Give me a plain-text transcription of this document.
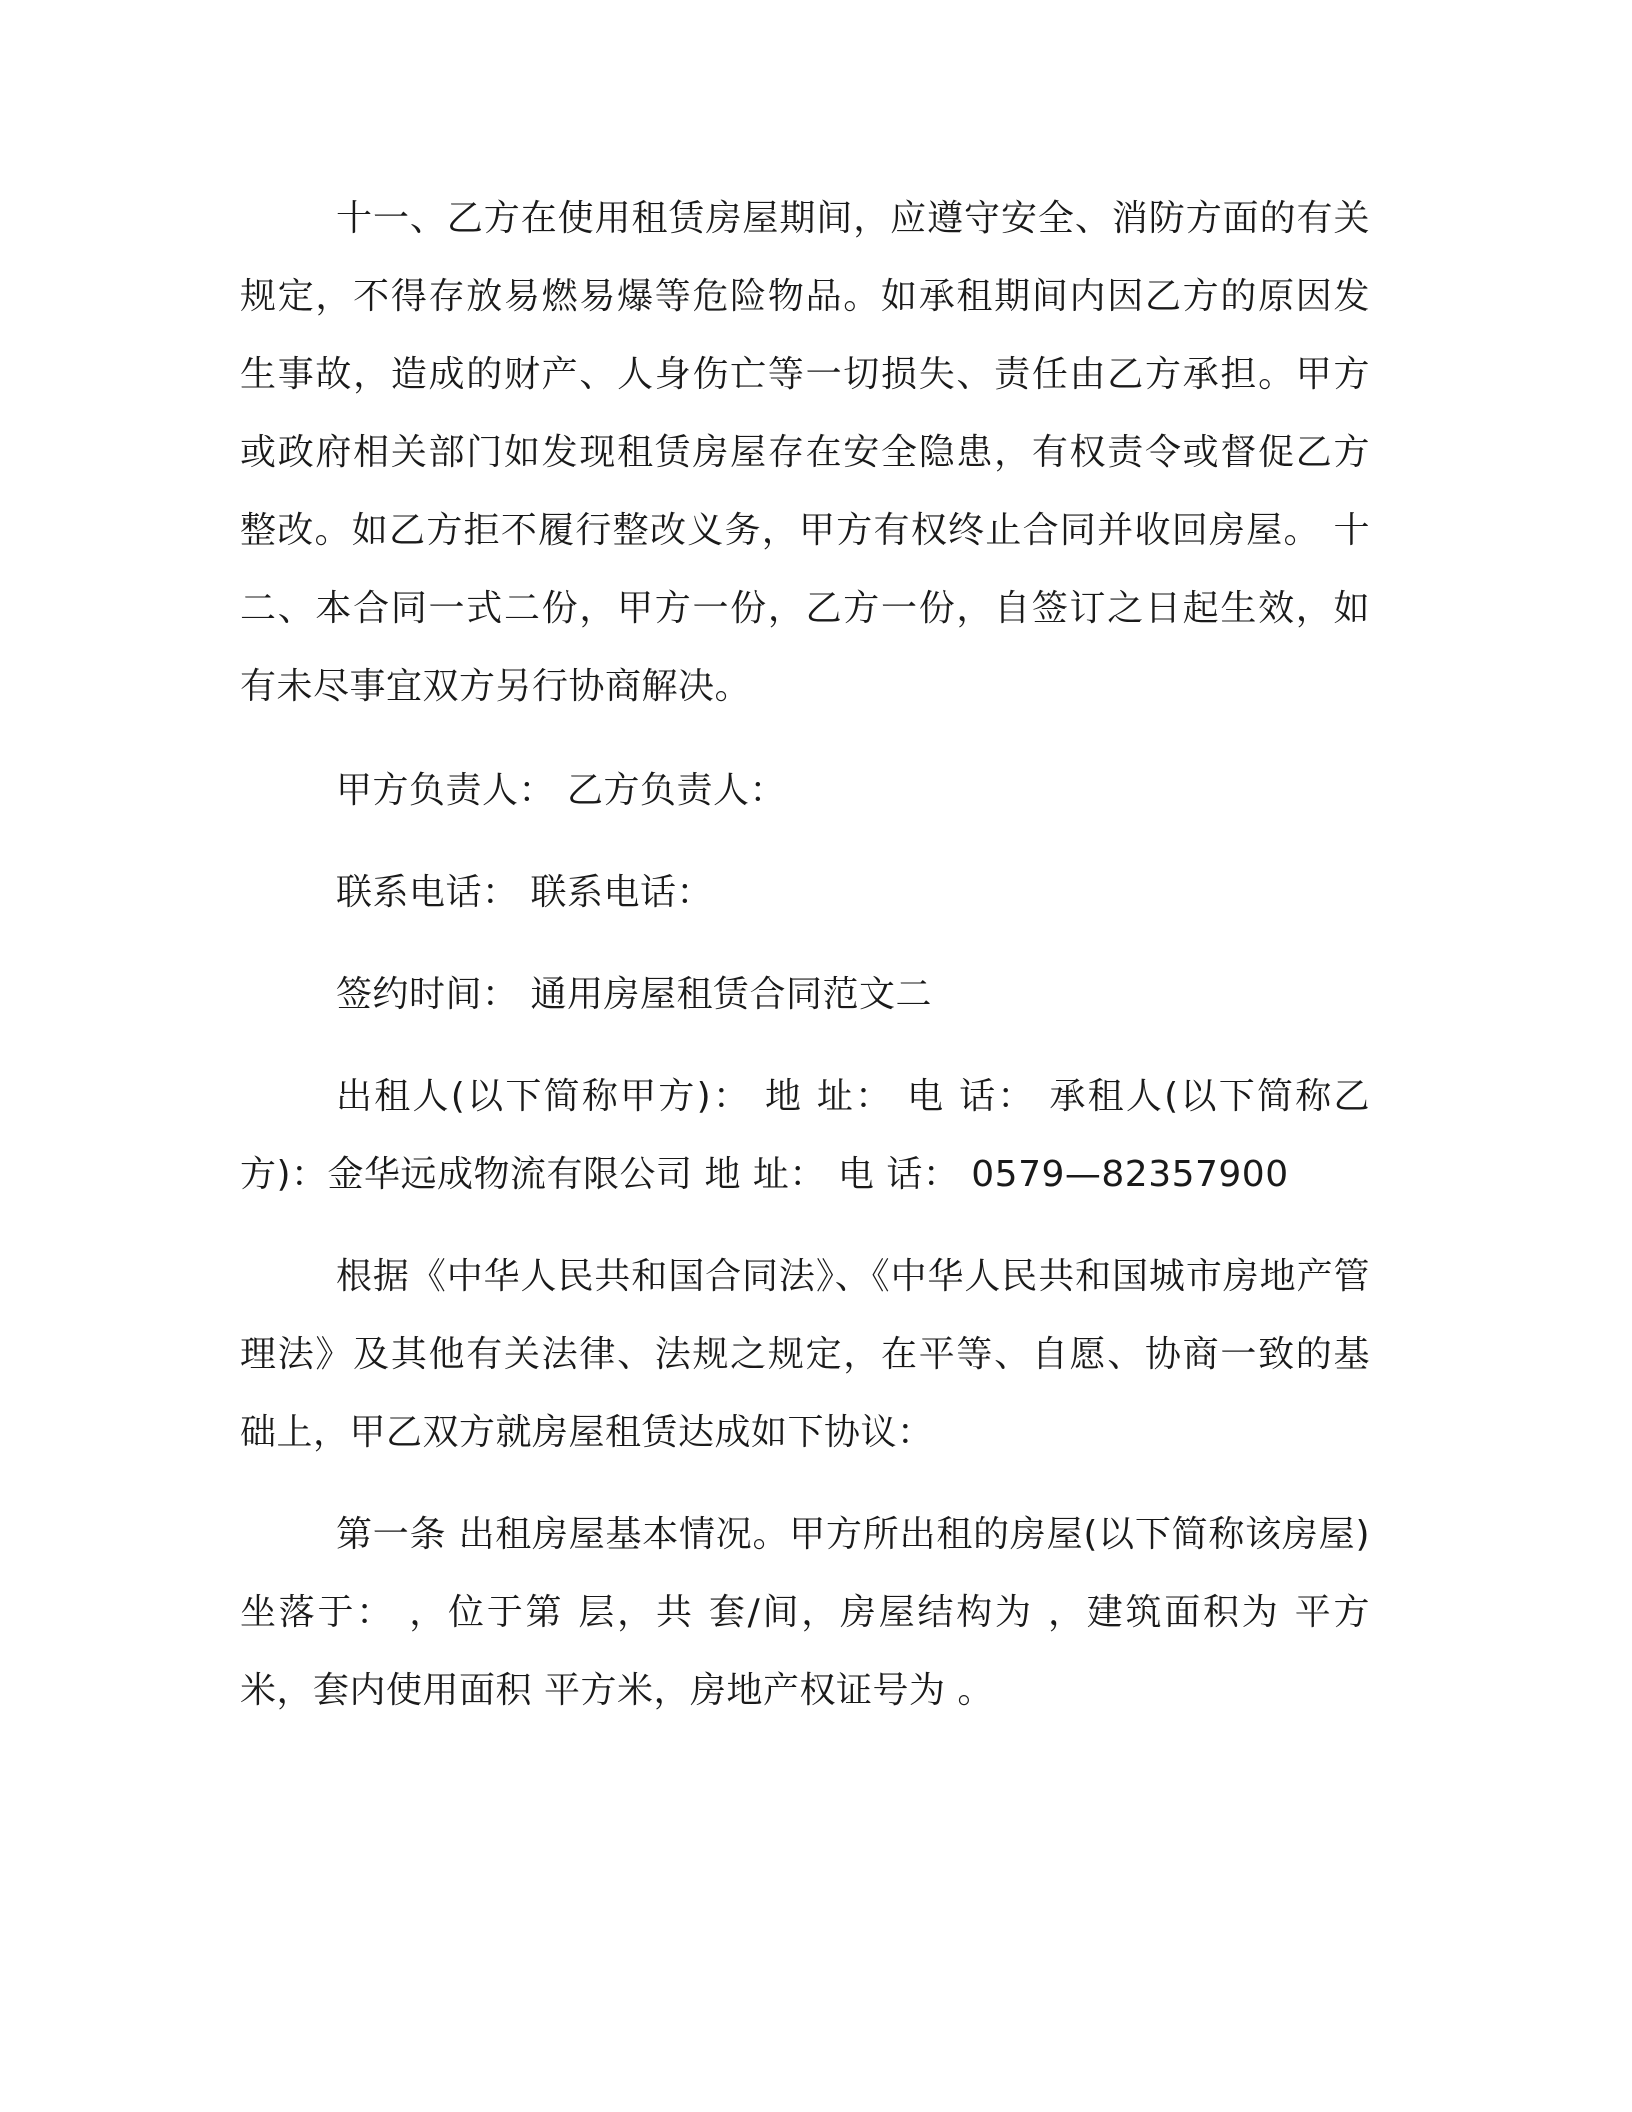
十一、乙方在使用租赁房屋期间，应遵守安全、消防方面的有关规定，不得存放易燃易爆等危险物品。如承租期间内因乙方的原因发生事故，造成的财产、人身伤亡等一切损失、责任由乙方承担。甲方或政府相关部门如发现租赁房屋存在安全隐患，有权责令或督促乙方整改。如乙方拒不履行整改义务，甲方有权终止合同并收回房屋。 十二、本合同一式二份，甲方一份，乙方一份，自签订之日起生效，如有未尽事宜双方另行协商解决。

甲方负责人： 乙方负责人：

联系电话： 联系电话：

签约时间： 通用房屋租赁合同范文二

出租人(以下简称甲方)： 地 址： 电 话： 承租人(以下简称乙方)：金华远成物流有限公司 地 址： 电 话： 0579—82357900

根据《中华人民共和国合同法》、《中华人民共和国城市房地产管理法》及其他有关法律、法规之规定，在平等、自愿、协商一致的基础上，甲乙双方就房屋租赁达成如下协议：

第一条 出租房屋基本情况。甲方所出租的房屋(以下简称该房屋)坐落于： ，位于第 层，共 套/间，房屋结构为 ，建筑面积为 平方米，套内使用面积 平方米，房地产权证号为 。
